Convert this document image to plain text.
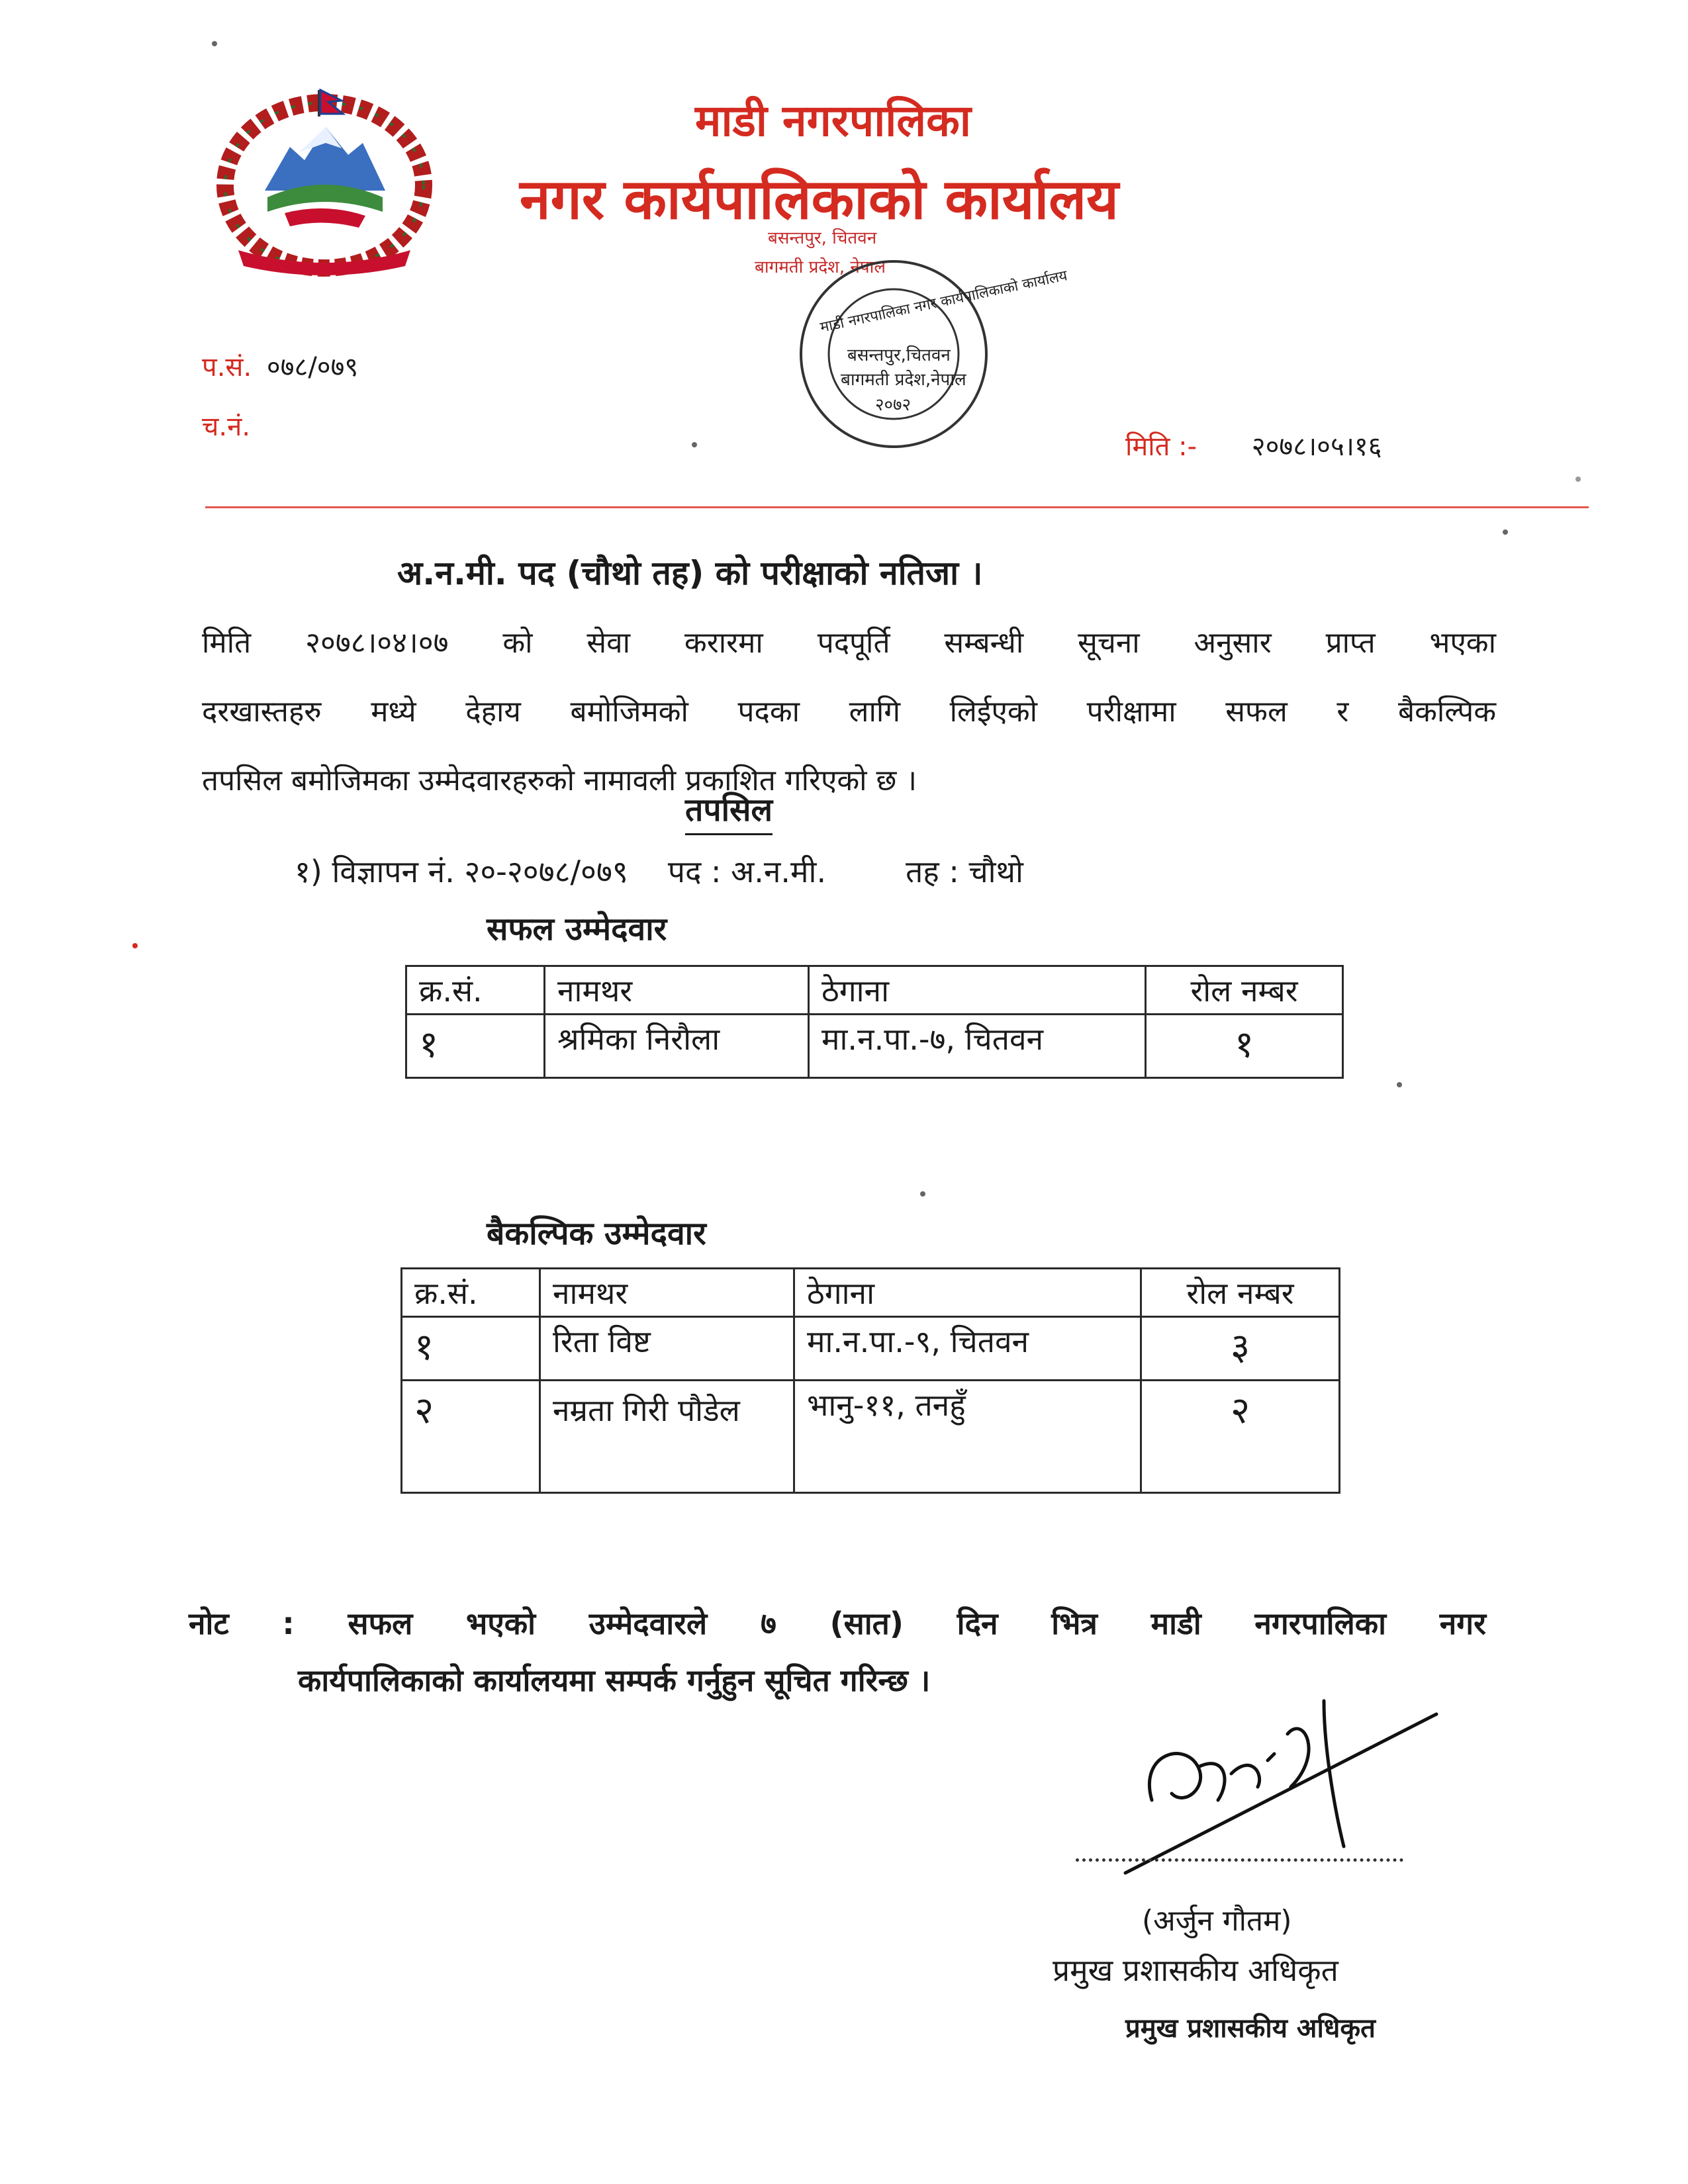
माडी नगरपालिका
नगर कार्यपालिकाको कार्यालय
बसन्तपुर, चितवन
बागमती प्रदेश, नेपाल
माडी नगरपालिका नगर कार्यपालिकाको कार्यालय
बसन्तपुर,चितवन
बागमती प्रदेश,नेपाल
२०७२
प.सं. ०७८/०७९
च.नं.
मिति :- २०७८।०५।१६
अ.न.मी. पद (चौथो तह) को परीक्षाको नतिजा ।
मिति २०७८।०४।०७ को सेवा करारमा पदपूर्ति सम्बन्धी सूचना अनुसार प्राप्त भएका
दरखास्तहरु मध्ये देहाय बमोजिमको पदका लागि लिईएको परीक्षामा सफल र बैकल्पिक
तपसिल बमोजिमका उम्मेदवारहरुको नामावली प्रकाशित गरिएको छ ।
तपसिल
१) विज्ञापन नं. २०-२०७८/०७९ पद : अ.न.मी.	तह : चौथो
सफल उम्मेदवार
क्र.सं.	नामथर	ठेगाना	रोल नम्बर
१	श्रमिका निरौला	मा.न.पा.-७, चितवन	१
बैकल्पिक उम्मेदवार
क्र.सं.	नामथर	ठेगाना	रोल नम्बर
१	रिता विष्ट	मा.न.पा.-९, चितवन	३
२	नम्रता गिरी पौडेल	भानु-११, तनहुँ	२
नोट : सफल भएको उम्मेदवारले ७ (सात) दिन भित्र माडी नगरपालिका नगर
कार्यपालिकाको कार्यालयमा सम्पर्क गर्नुहुन सूचित गरिन्छ ।
(अर्जुन गौतम)
प्रमुख प्रशासकीय अधिकृत
प्रमुख प्रशासकीय अधिकृत
